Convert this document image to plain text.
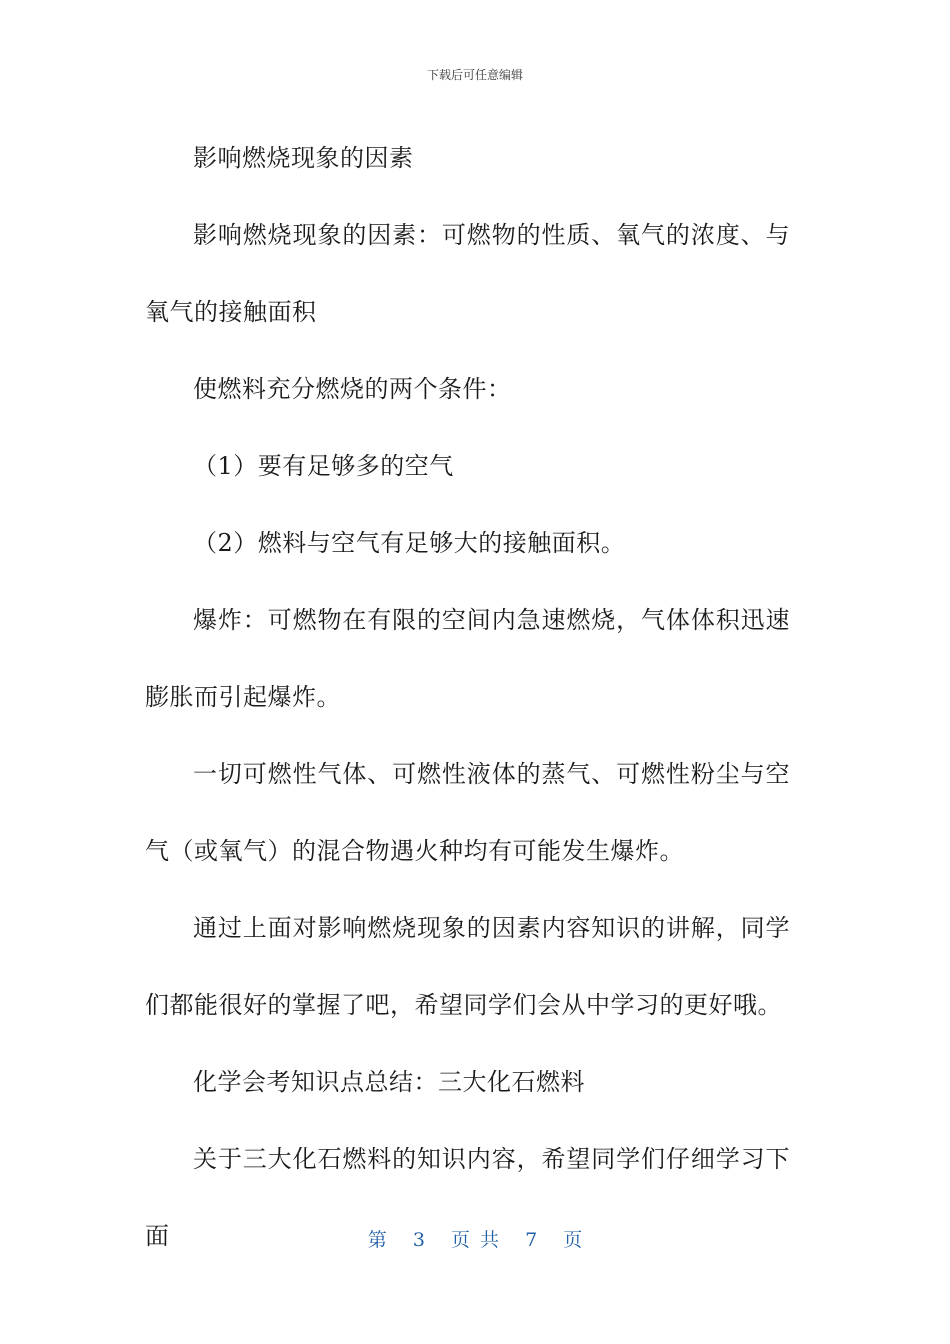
下载后可任意编辑

影响燃烧现象的因素

影响燃烧现象的因素：可燃物的性质、氧气的浓度、与氧气的接触面积

使燃料充分燃烧的两个条件：

（1）要有足够多的空气

（2）燃料与空气有足够大的接触面积。

爆炸：可燃物在有限的空间内急速燃烧，气体体积迅速膨胀而引起爆炸。

一切可燃性气体、可燃性液体的蒸气、可燃性粉尘与空气（或氧气）的混合物遇火种均有可能发生爆炸。

通过上面对影响燃烧现象的因素内容知识的讲解，同学们都能很好的掌握了吧，希望同学们会从中学习的更好哦。

化学会考知识点总结：三大化石燃料

关于三大化石燃料的知识内容，希望同学们仔细学习下面	第 3 页 共 7 页
